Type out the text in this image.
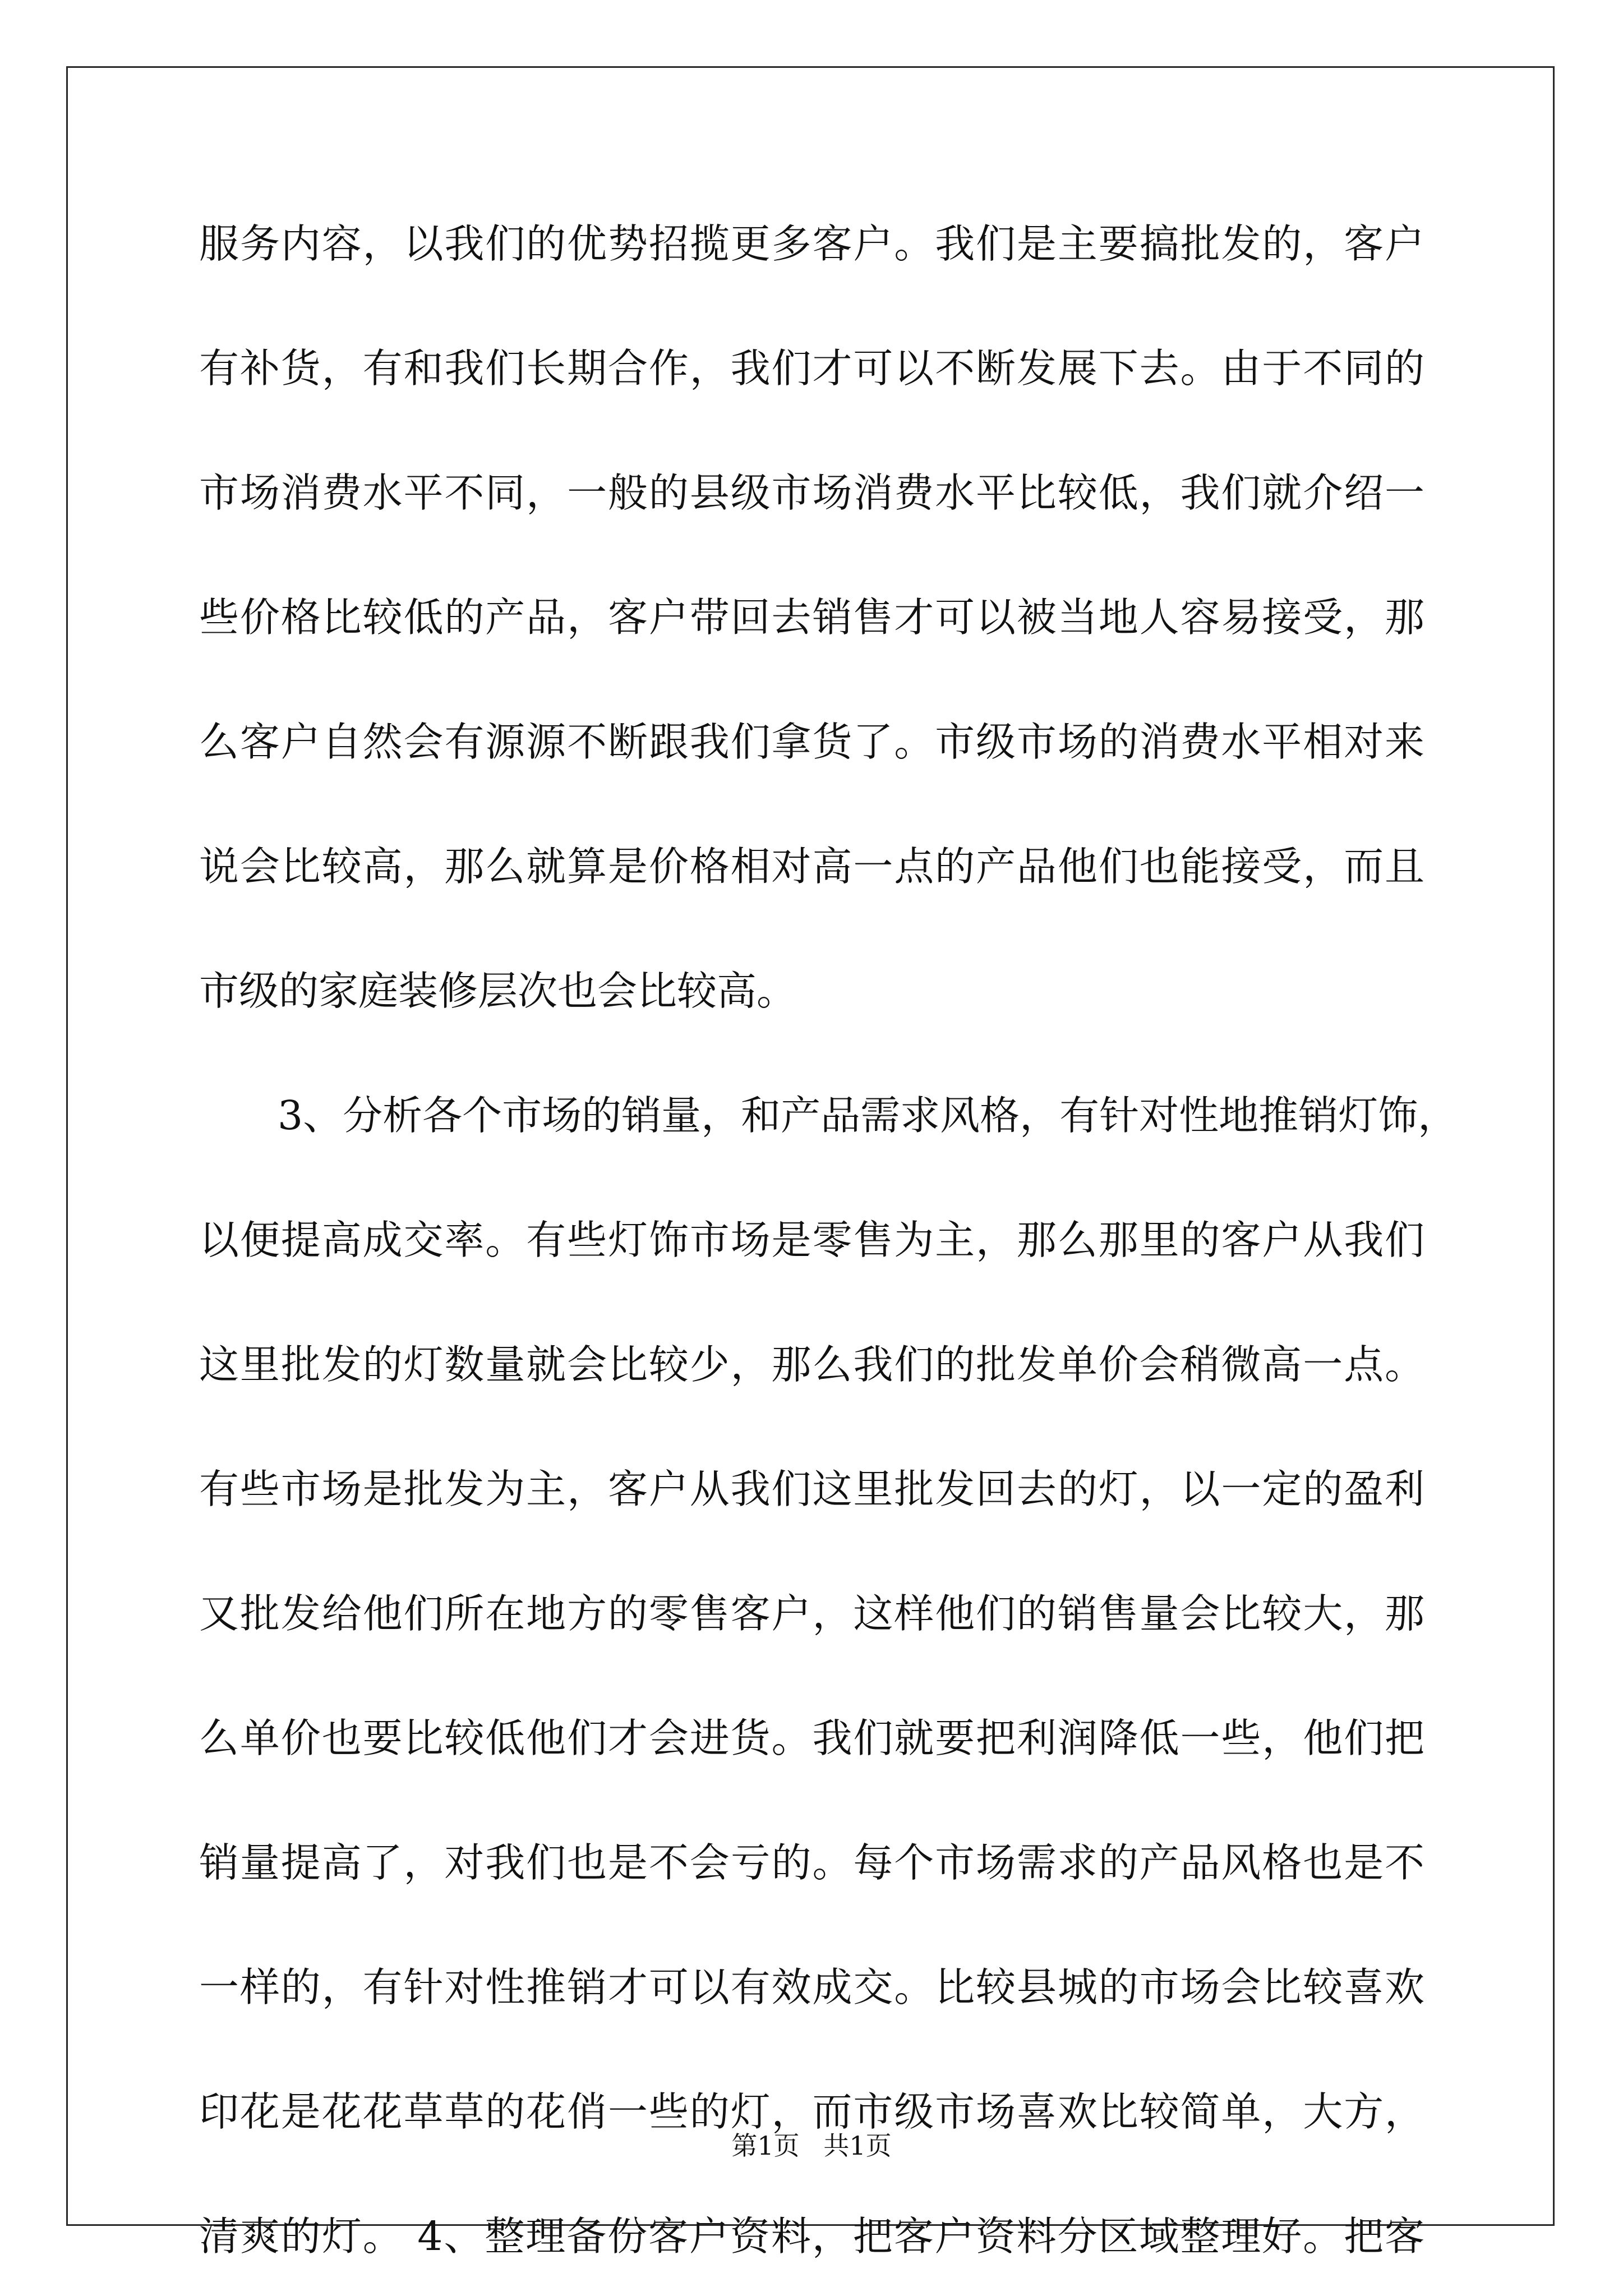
服务内容，以我们的优势招揽更多客户。我们是主要搞批发的，客户
有补货，有和我们长期合作，我们才可以不断发展下去。由于不同的
市场消费水平不同，一般的县级市场消费水平比较低，我们就介绍一
些价格比较低的产品，客户带回去销售才可以被当地人容易接受，那
么客户自然会有源源不断跟我们拿货了。市级市场的消费水平相对来
说会比较高，那么就算是价格相对高一点的产品他们也能接受，而且
市级的家庭装修层次也会比较高。
3、分析各个市场的销量，和产品需求风格，有针对性地推销灯饰，
以便提高成交率。有些灯饰市场是零售为主，那么那里的客户从我们
这里批发的灯数量就会比较少，那么我们的批发单价会稍微高一点。
有些市场是批发为主，客户从我们这里批发回去的灯，以一定的盈利
又批发给他们所在地方的零售客户，这样他们的销售量会比较大，那
么单价也要比较低他们才会进货。我们就要把利润降低一些，他们把
销量提高了，对我们也是不会亏的。每个市场需求的产品风格也是不
一样的，有针对性推销才可以有效成交。比较县城的市场会比较喜欢
印花是花花草草的花俏一些的灯，而市级市场喜欢比较简单，大方，
清爽的灯。 4、整理备份客户资料，把客户资料分区域整理好。把客
第1页 共1页
